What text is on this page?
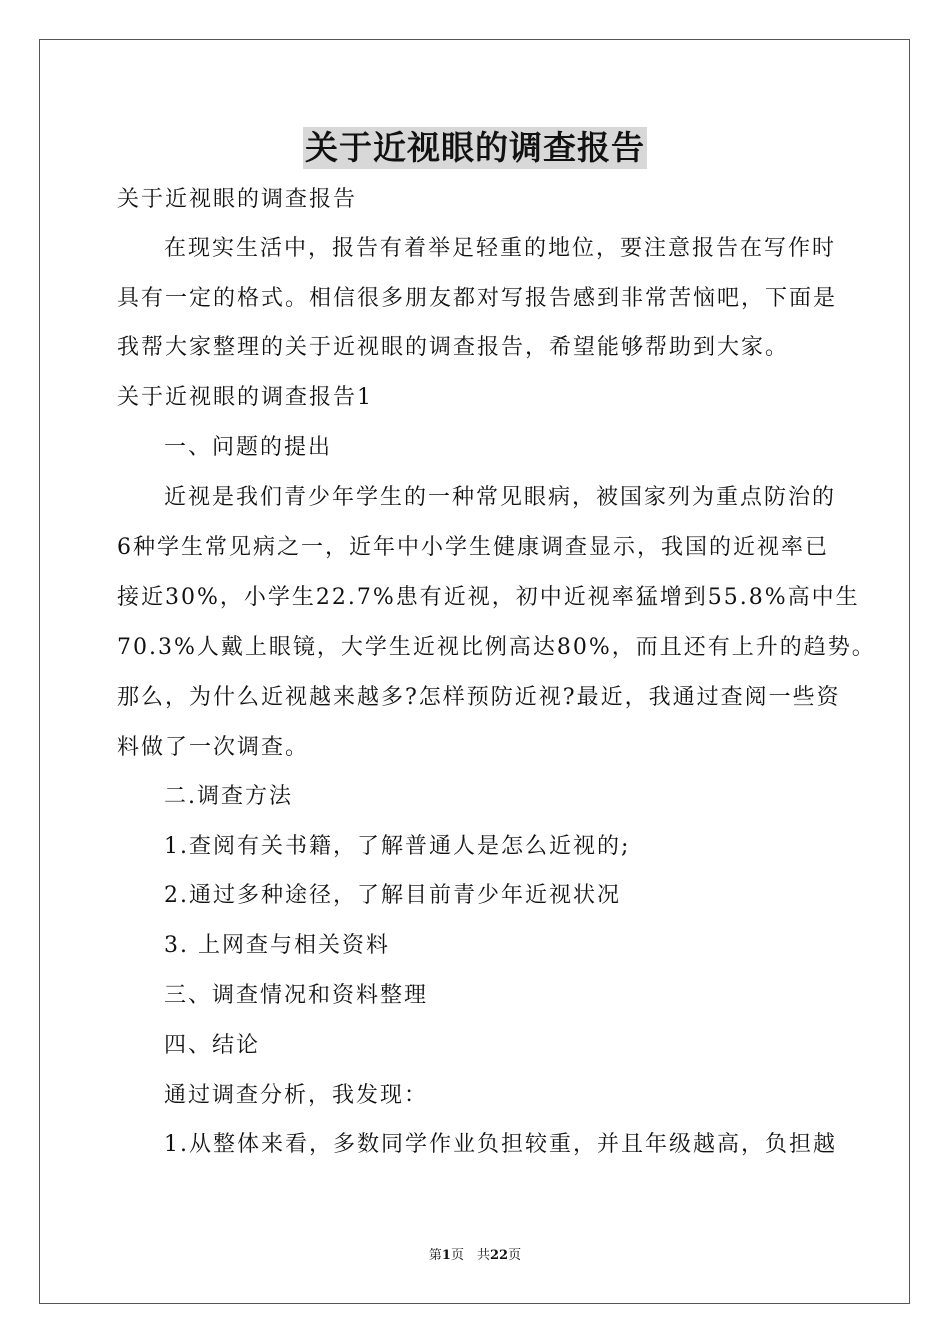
关于近视眼的调查报告
关于近视眼的调查报告
在现实生活中，报告有着举足轻重的地位，要注意报告在写作时
具有一定的格式。相信很多朋友都对写报告感到非常苦恼吧，下面是
我帮大家整理的关于近视眼的调查报告，希望能够帮助到大家。
关于近视眼的调查报告1
一、问题的提出
近视是我们青少年学生的一种常见眼病，被国家列为重点防治的
6种学生常见病之一，近年中小学生健康调查显示，我国的近视率已
接近30%，小学生22.7%患有近视，初中近视率猛增到55.8%高中生
70.3%人戴上眼镜，大学生近视比例高达80%，而且还有上升的趋势。
那么，为什么近视越来越多?怎样预防近视?最近，我通过查阅一些资
料做了一次调查。
二.调查方法
1.查阅有关书籍，了解普通人是怎么近视的;
2.通过多种途径，了解目前青少年近视状况
3. 上网查与相关资料
三、调查情况和资料整理
四、结论
通过调查分析，我发现：
1.从整体来看，多数同学作业负担较重，并且年级越高，负担越
第1页　共22页
